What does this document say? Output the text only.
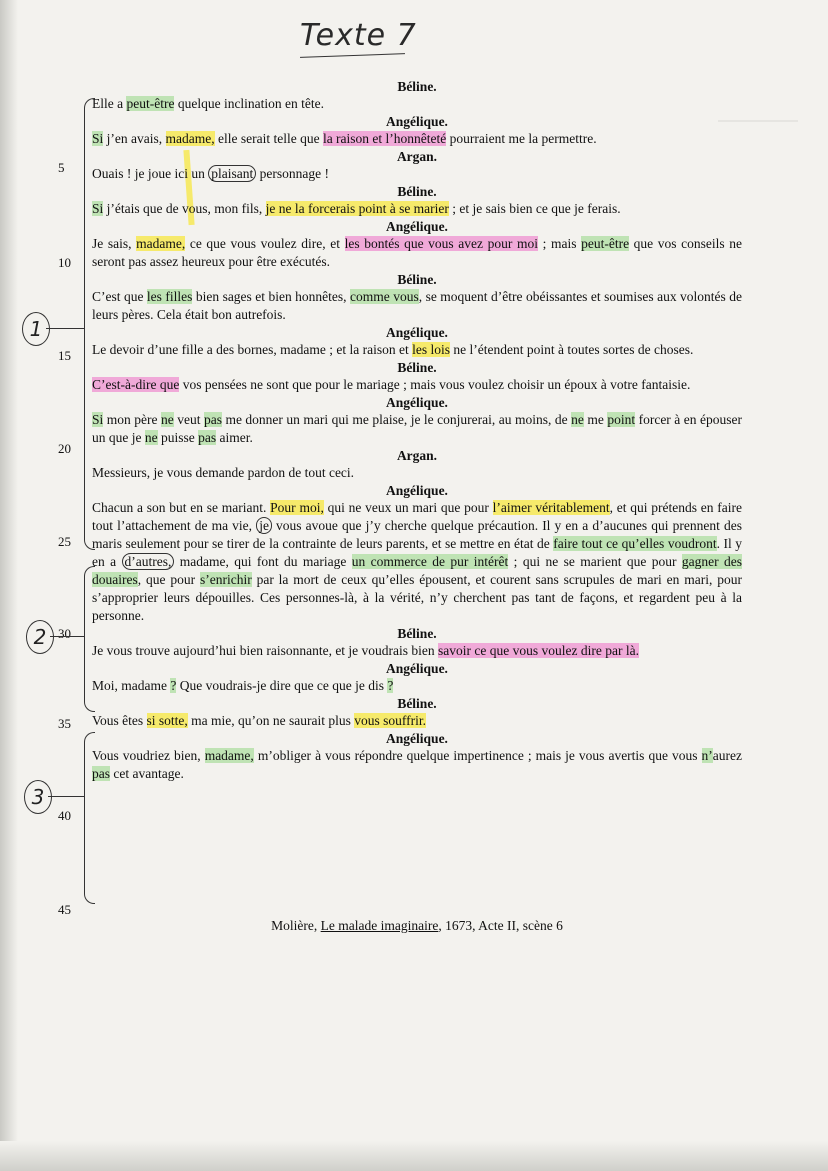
Texte 7
5
10
15
20
25
30
35
40
45
1
2
3
Béline.
Elle a peut-être quelque inclination en tête.
Angélique.
Si j’en avais, madame, elle serait telle que la raison et l’honnêteté pourraient me la permettre.
Argan.
Ouais ! je joue ici un plaisant personnage !
Béline.
Si j’étais que de vous, mon fils, je ne la forcerais point à se marier ; et je sais bien ce que je ferais.
Angélique.
Je sais, madame, ce que vous voulez dire, et les bontés que vous avez pour moi ; mais peut-être que vos conseils ne seront pas assez heureux pour être exécutés.
Béline.
C’est que les filles bien sages et bien honnêtes, comme vous, se moquent d’être obéissantes et soumises aux volontés de leurs pères. Cela était bon autrefois.
Angélique.
Le devoir d’une fille a des bornes, madame ; et la raison et les lois ne l’étendent point à toutes sortes de choses.
Béline.
C’est-à-dire que vos pensées ne sont que pour le mariage ; mais vous voulez choisir un époux à votre fantaisie.
Angélique.
Si mon père ne veut pas me donner un mari qui me plaise, je le conjurerai, au moins, de ne me point forcer à en épouser un que je ne puisse pas aimer.
Argan.
Messieurs, je vous demande pardon de tout ceci.
Angélique.
Chacun a son but en se mariant. Pour moi, qui ne veux un mari que pour l’aimer véritablement, et qui prétends en faire tout l’attachement de ma vie, je vous avoue que j’y cherche quelque précaution. Il y en a d’aucunes qui prennent des maris seulement pour se tirer de la contrainte de leurs parents, et se mettre en état de faire tout ce qu’elles voudront. Il y en a d’autres, madame, qui font du mariage un commerce de pur intérêt ; qui ne se marient que pour gagner des douaires, que pour s’enrichir par la mort de ceux qu’elles épousent, et courent sans scrupules de mari en mari, pour s’approprier leurs dépouilles. Ces personnes-là, à la vérité, n’y cherchent pas tant de façons, et regardent peu à la personne.
Béline.
Je vous trouve aujourd’hui bien raisonnante, et je voudrais bien savoir ce que vous voulez dire par là.
Angélique.
Moi, madame ? Que voudrais-je dire que ce que je dis ?
Béline.
Vous êtes si sotte, ma mie, qu’on ne saurait plus vous souffrir.
Angélique.
Vous voudriez bien, madame, m’obliger à vous répondre quelque impertinence ; mais je vous avertis que vous n’aurez pas cet avantage.
Molière, Le malade imaginaire, 1673, Acte II, scène 6
